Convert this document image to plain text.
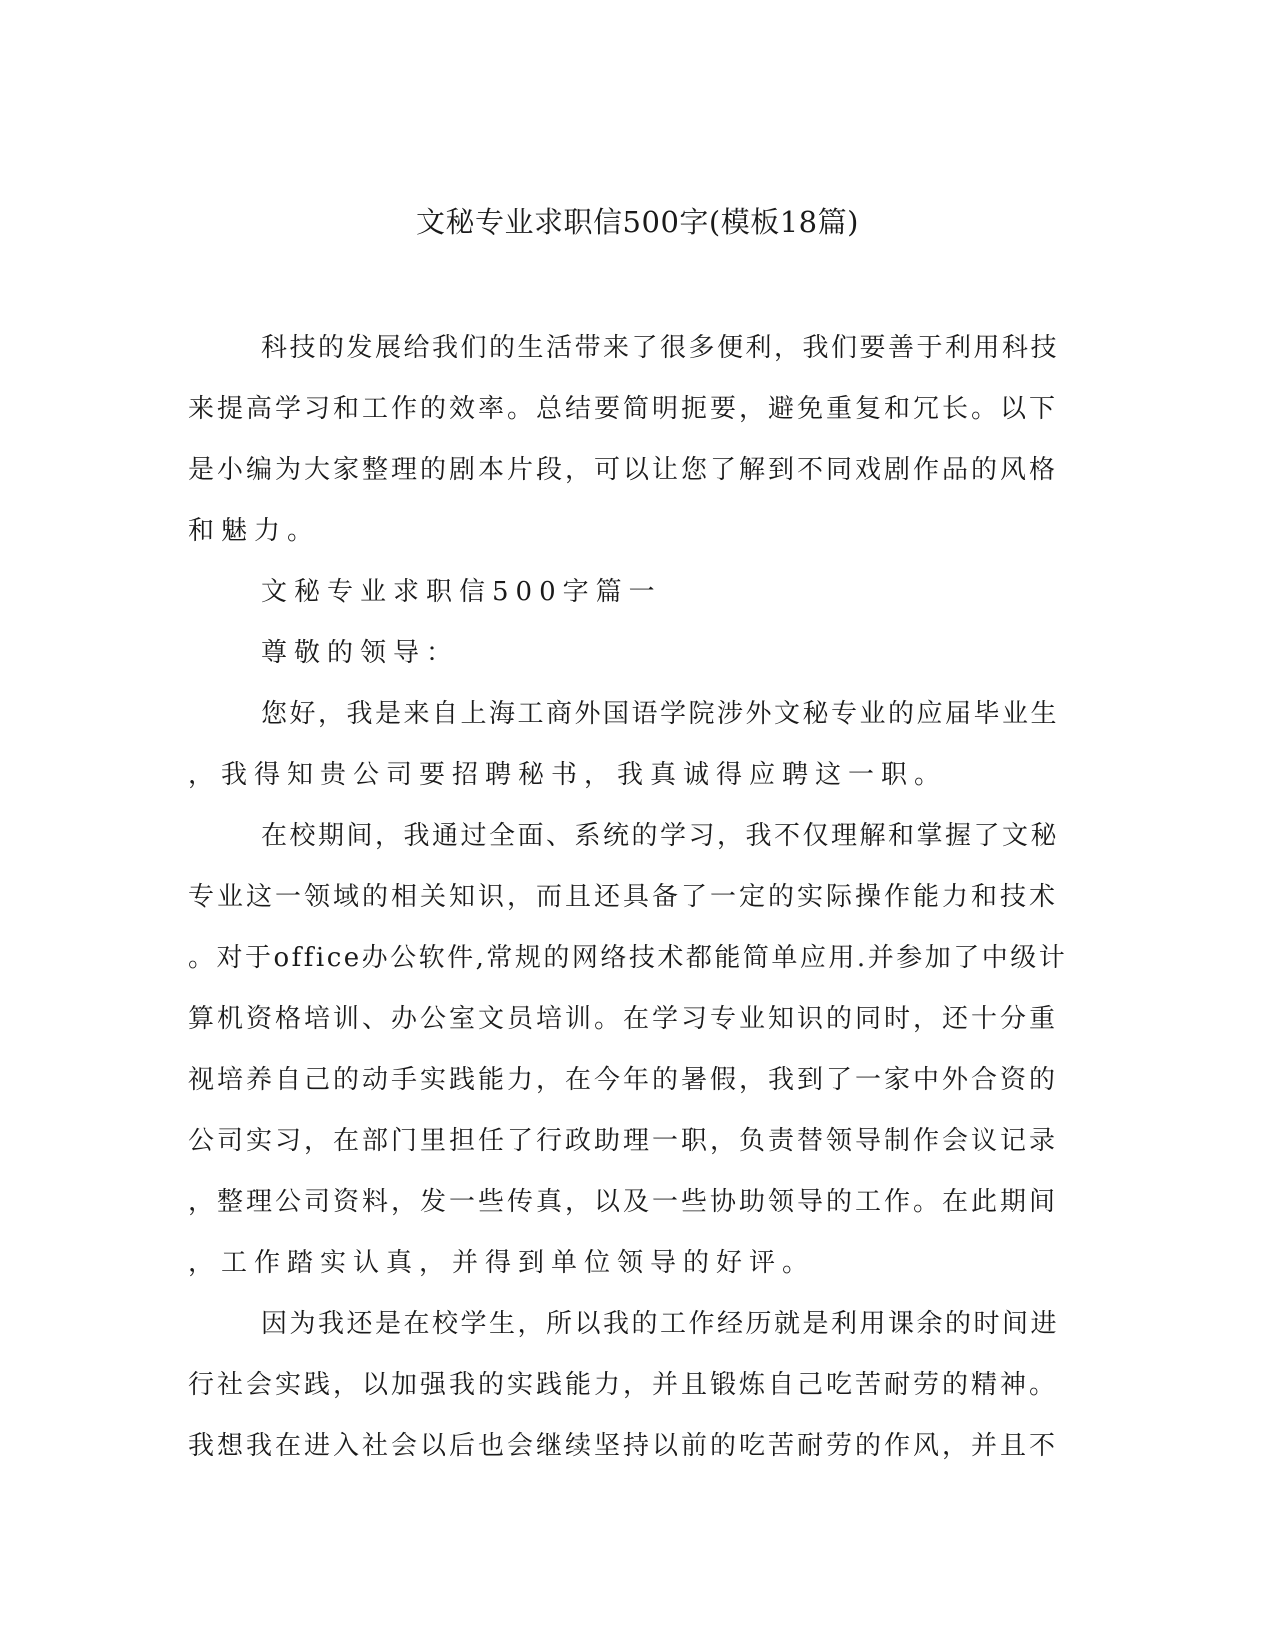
文秘专业求职信500字(模板18篇)
科技的发展给我们的生活带来了很多便利，我们要善于利用科技
来提高学习和工作的效率。总结要简明扼要，避免重复和冗长。以下
是小编为大家整理的剧本片段，可以让您了解到不同戏剧作品的风格
和魅力。
文秘专业求职信500字篇一
尊敬的领导：
您好，我是来自上海工商外国语学院涉外文秘专业的应届毕业生
，我得知贵公司要招聘秘书，我真诚得应聘这一职。
在校期间，我通过全面、系统的学习，我不仅理解和掌握了文秘
专业这一领域的相关知识，而且还具备了一定的实际操作能力和技术
。对于office办公软件,常规的网络技术都能简单应用.并参加了中级计
算机资格培训、办公室文员培训。在学习专业知识的同时，还十分重
视培养自己的动手实践能力，在今年的暑假，我到了一家中外合资的
公司实习，在部门里担任了行政助理一职，负责替领导制作会议记录
，整理公司资料，发一些传真，以及一些协助领导的工作。在此期间
，工作踏实认真，并得到单位领导的好评。
因为我还是在校学生，所以我的工作经历就是利用课余的时间进
行社会实践，以加强我的实践能力，并且锻炼自己吃苦耐劳的精神。
我想我在进入社会以后也会继续坚持以前的吃苦耐劳的作风，并且不
